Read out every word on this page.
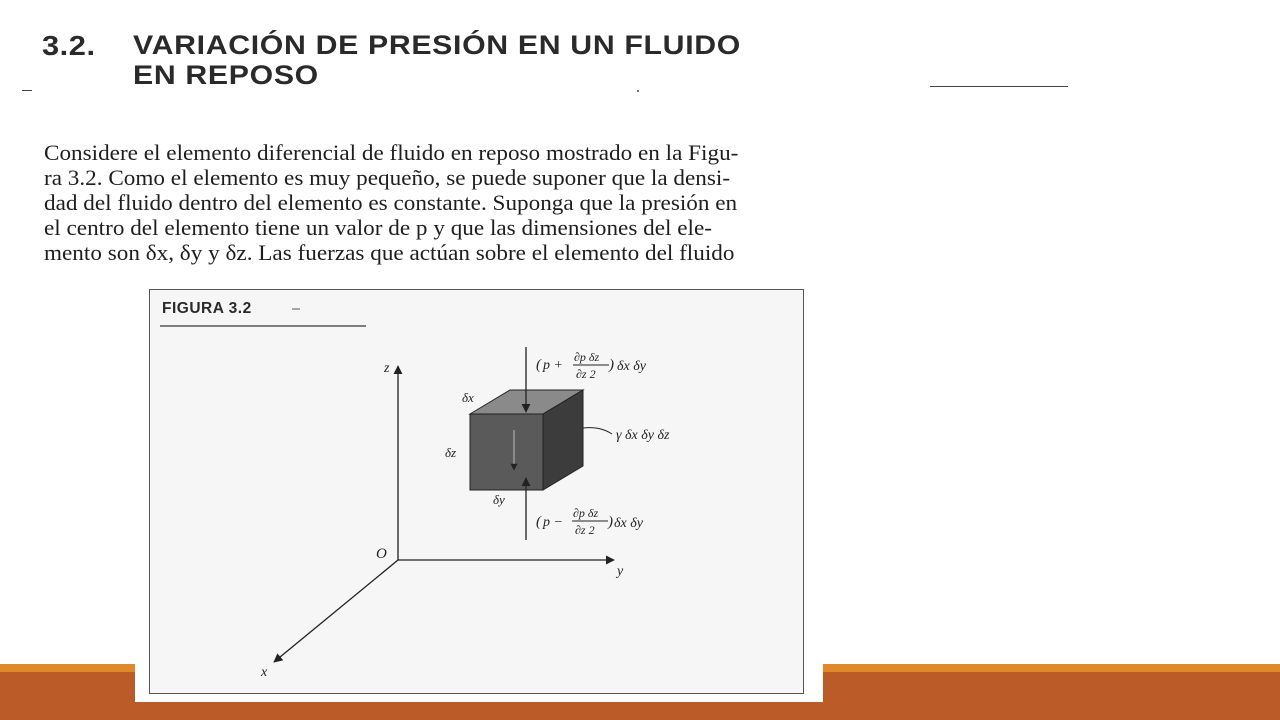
3.2. VARIACIÓN DE PRESIÓN EN UN FLUIDO
EN REPOSO
Considere el elemento diferencial de fluido en reposo mostrado en la Figu-
ra 3.2. Como el elemento es muy pequeño, se puede suponer que la densi-
dad del fluido dentro del elemento es constante. Suponga que la presión en
el centro del elemento tiene un valor de p y que las dimensiones del ele-
mento son δx, δy y δz. Las fuerzas que actúan sobre el elemento del fluido
FIGURA 3.2
z
y
x
O
δx
δz
δy
( p +
∂p δz
∂z 2
) δx δy
γ δx δy δz
( p −
∂p δz
∂z 2 ) δx δy
